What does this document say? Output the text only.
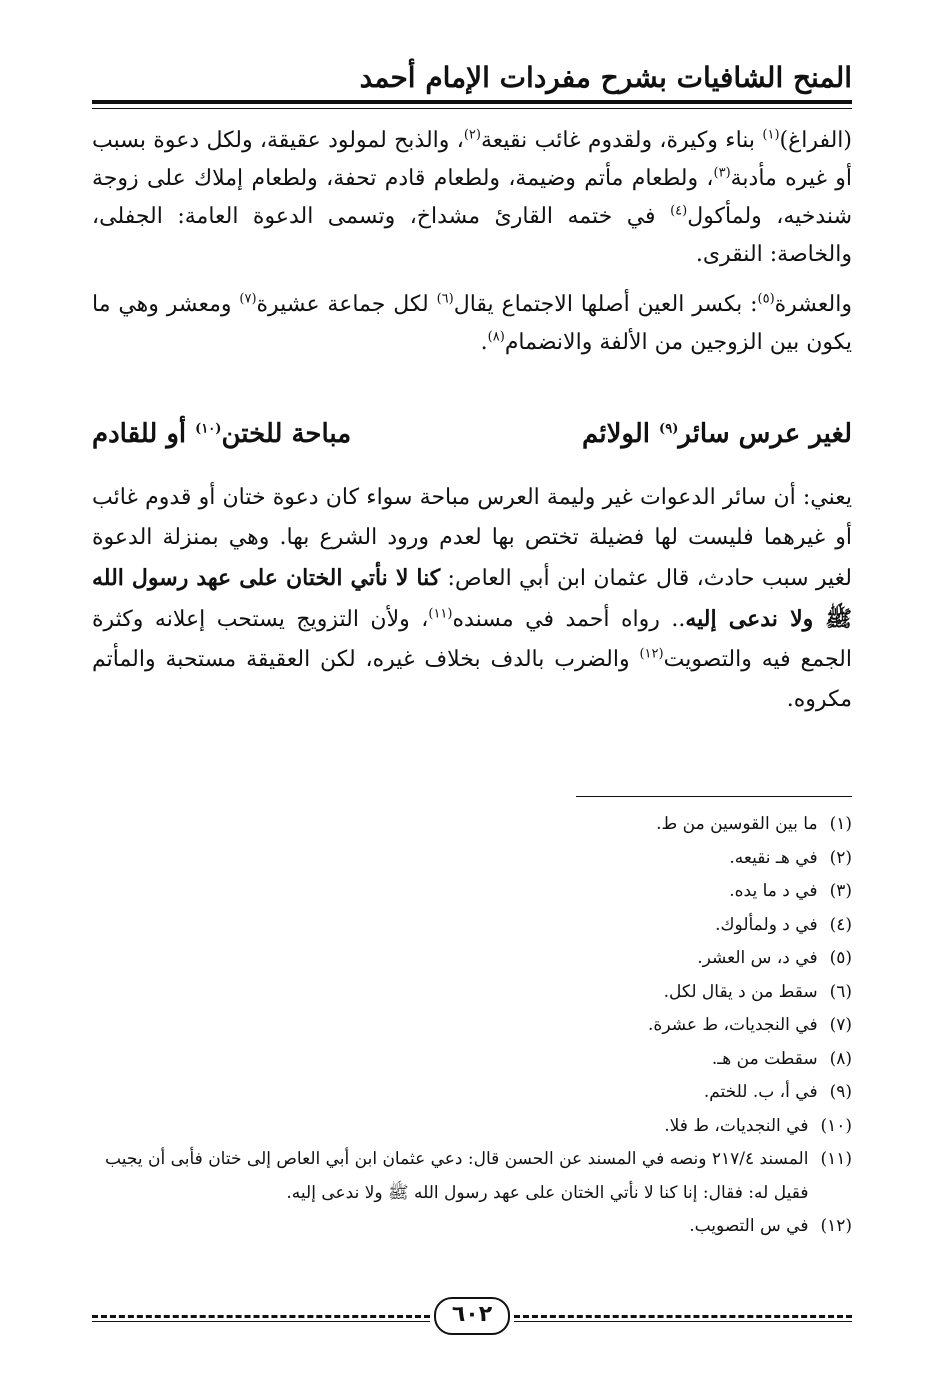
المنح الشافيات بشرح مفردات الإمام أحمد

(الفراغ)$^{(١)}$ بناء وكيرة، ولقدوم غائب نقيعة$^{(٢)}$، والذبح لمولود عقيقة، ولكل دعوة بسبب أو غيره مأدبة$^{(٣)}$، ولطعام مأتم وضيمة، ولطعام قادم تحفة، ولطعام إملاك على زوجة شندخيه، ولمأكول$^{(٤)}$ في ختمه القارئ مشداخ، وتسمى الدعوة العامة: الجفلى، والخاصة: النقرى.

والعشرة$^{(٥)}$: بكسر العين أصلها الاجتماع يقال$^{(٦)}$ لكل جماعة عشيرة$^{(٧)}$ ومعشر وهي ما يكون بين الزوجين من الألفة والانضمام$^{(٨)}$.

لغير عرس سائر$^{(٩)}$ الولائم
مباحة للختن$^{(١٠)}$ أو للقادم

يعني: أن سائر الدعوات غير وليمة العرس مباحة سواء كان دعوة ختان أو قدوم غائب أو غيرهما فليست لها فضيلة تختص بها لعدم ورود الشرع بها. وهي بمنزلة الدعوة لغير سبب حادث، قال عثمان ابن أبي العاص: كنا لا نأتي الختان على عهد رسول الله ﷺ ولا ندعى إليه.. رواه أحمد في مسنده$^{(١١)}$، ولأن التزويج يستحب إعلانه وكثرة الجمع فيه والتصويت$^{(١٢)}$ والضرب بالدف بخلاف غيره، لكن العقيقة مستحبة والمأتم مكروه.

(١)
ما بين القوسين من ط.
(٢)
في هـ نقيعه.
(٣)
في د ما يده.
(٤)
في د ولمألوك.
(٥)
في د، س العشر.
(٦)
سقط من د يقال لكل.
(٧)
في النجديات، ط عشرة.
(٨)
سقطت من هـ.
(٩)
في أ، ب. للختم.
(١٠)
في النجديات، ط فلا.
(١١)
المسند ٢١٧/٤ ونصه في المسند عن الحسن قال: دعي عثمان ابن أبي العاص إلى ختان فأبى أن يجيب فقيل له: فقال: إنا كنا لا نأتي الختان على عهد رسول الله ﷺ ولا ندعى إليه.
(١٢)
في س التصويب.
٦٠٢
